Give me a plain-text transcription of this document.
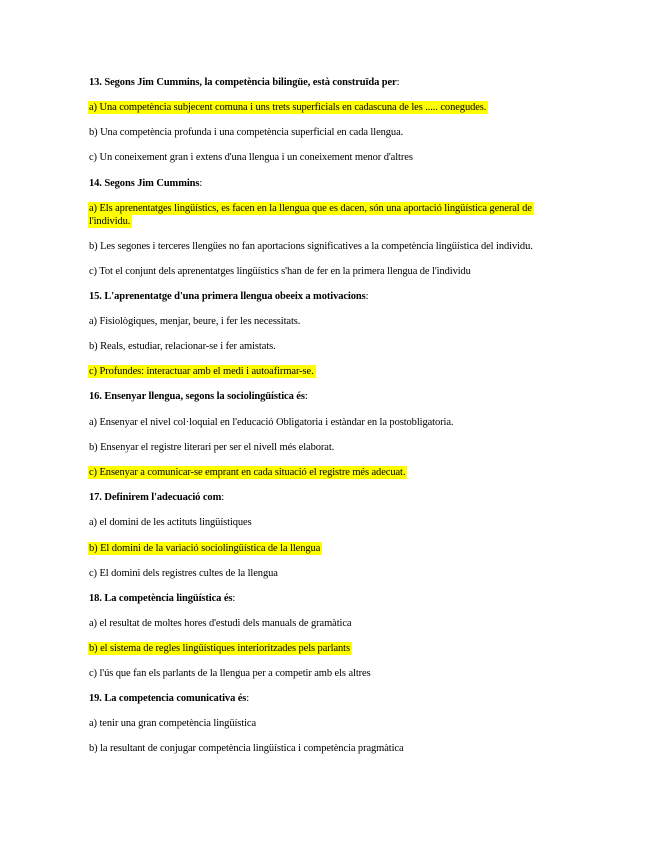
13. Segons Jim Cummins, la competència bilingüe, està construïda per:
a) Una competència subjecent comuna i uns trets superficials en cadascuna de les ..... conegudes.
b) Una competència profunda i una competència superficial en cada llengua.
c) Un coneixement gran i extens d'una llengua i un coneixement menor d'altres
14. Segons Jim Cummins:
a) Els aprenentatges lingüístics, es facen en la llengua que es dacen, són una aportació lingüística general de l'individu.
b) Les segones i terceres llengües no fan aportacions significatives a la competència lingüística del individu.
c) Tot el conjunt dels aprenentatges lingüístics s'han de fer en la primera llengua de l'individu
15. L'aprenentatge d'una primera llengua obeeix a motivacions:
a) Fisiològiques, menjar, beure, i fer les necessitats.
b) Reals, estudiar, relacionar-se i fer amistats.
c) Profundes: interactuar amb el medi i autoafirmar-se.
16. Ensenyar llengua, segons la sociolingüística és:
a) Ensenyar el nivel col·loquial en l'educació Obligatoria i estàndar en la postobligatoria.
b) Ensenyar el registre literari per ser el nivell més elaborat.
c) Ensenyar a comunicar-se emprant en cada situació el registre més adecuat.
17. Definirem l'adecuació com:
a) el domini de les actituts lingüístiques
b) El domini de la variació sociolingüística de la llengua
c) El domini dels registres cultes de la llengua
18. La competència lingüística és:
a) el resultat de moltes hores d'estudi dels manuals de gramàtica
b) el sistema de regles lingüístiques interioritzades pels parlants
c) l'ús que fan els parlants de la llengua per a competir amb els altres
19. La competencia comunicativa és:
a) tenir una gran competència lingüística
b) la resultant de conjugar competència lingüística i competència pragmàtica
